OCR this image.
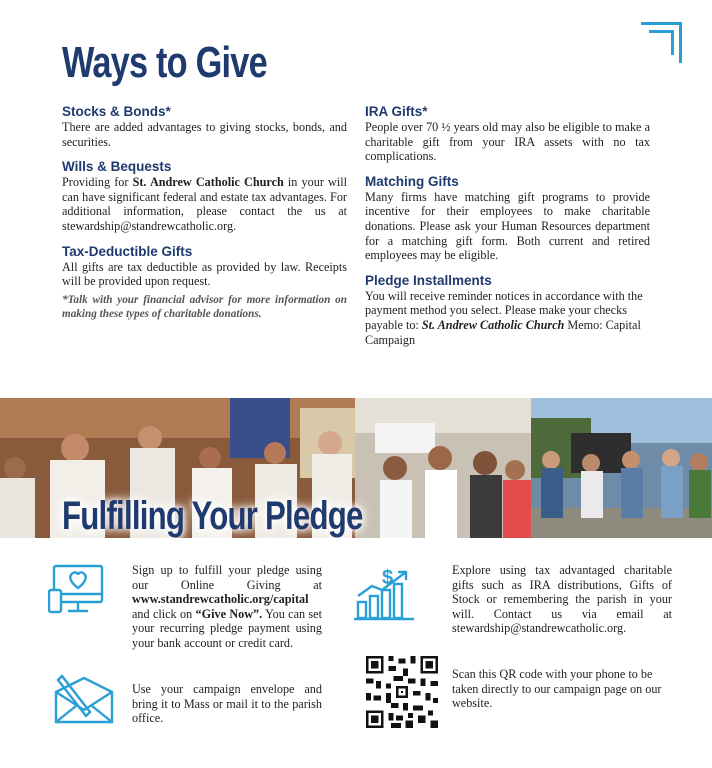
Ways to Give
Stocks & Bonds*

There are added advantages to giving stocks, bonds, and securities.

Wills & Bequests

Providing for St. Andrew Catholic Church in your will can have significant federal and estate tax advantages. For additional information, please contact the us at stewardship@standrewcatholic.org.

Tax-Deductible Gifts

All gifts are tax deductible as provided by law. Receipts will be provided upon request.

*Talk with your financial advisor for more information on making these types of charitable donations.

IRA Gifts*

People over 70 ½ years old may also be eligible to make a charitable gift from your IRA assets with no tax complications.

Matching Gifts

Many firms have matching gift programs to provide incentive for their employees to make charitable donations. Please ask your Human Resources department for a matching gift form. Both current and retired employees may be eligible.

Pledge Installments

You will receive reminder notices in accordance with the payment method you select. Please make your checks payable to: St. Andrew Catholic Church Memo: Capital Campaign

Fulfilling Your Pledge
$
Sign up to fulfill your pledge using our Online Giving at www.standrewcatholic.org/capital and click on “Give Now”. You can set your recurring pledge payment using your bank account or credit card.
Use your campaign envelope and bring it to Mass or mail it to the parish office.
Explore using tax advantaged charitable gifts such as IRA distributions, Gifts of Stock or remembering the parish in your will. Contact us via email at stewardship@standrewcatholic.org.
Scan this QR code with your phone to be taken directly to our campaign page on our website.
